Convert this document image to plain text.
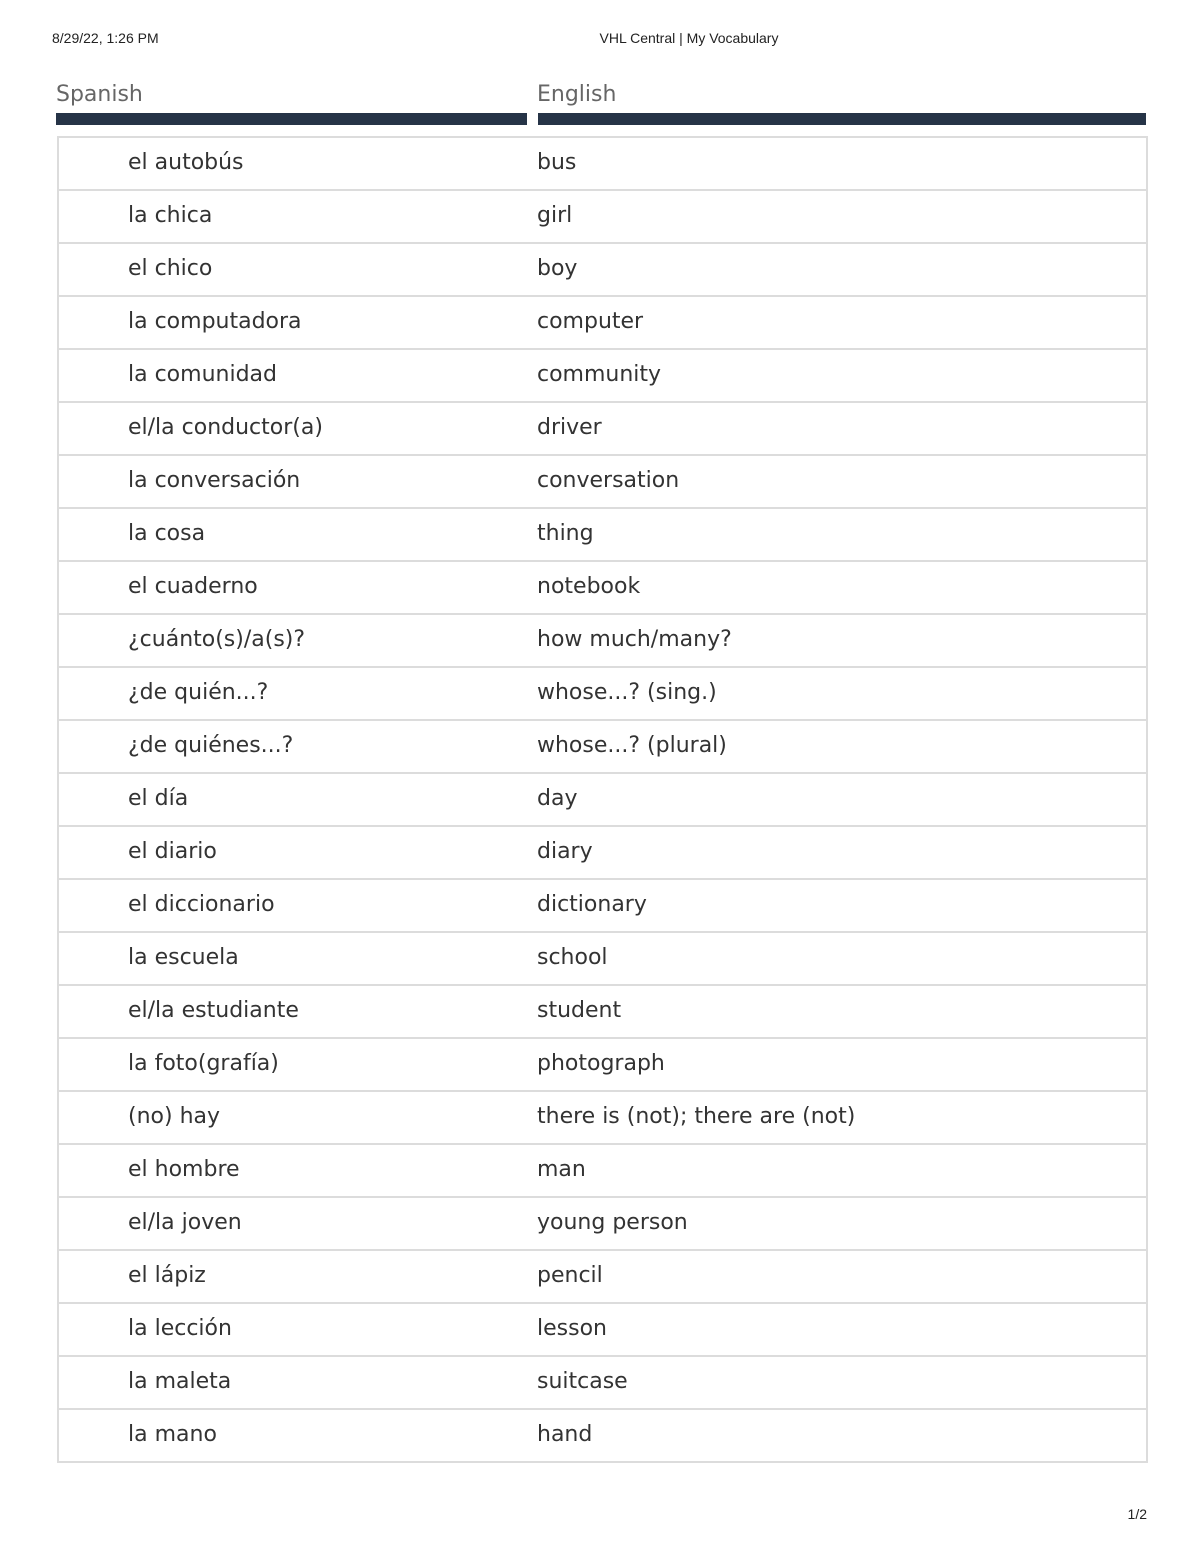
8/29/22, 1:26 PM	VHL Central | My Vocabulary
Spanish	English
el autobús	bus
la chica	girl
el chico	boy
la computadora	computer
la comunidad	community
el/la conductor(a)	driver
la conversación	conversation
la cosa	thing
el cuaderno	notebook
¿cuánto(s)/a(s)?	how much/many?
¿de quién...?	whose...? (sing.)
¿de quiénes...?	whose...? (plural)
el día	day
el diario	diary
el diccionario	dictionary
la escuela	school
el/la estudiante	student
la foto(grafía)	photograph
(no) hay	there is (not); there are (not)
el hombre	man
el/la joven	young person
el lápiz	pencil
la lección	lesson
la maleta	suitcase
la mano	hand
1/2
